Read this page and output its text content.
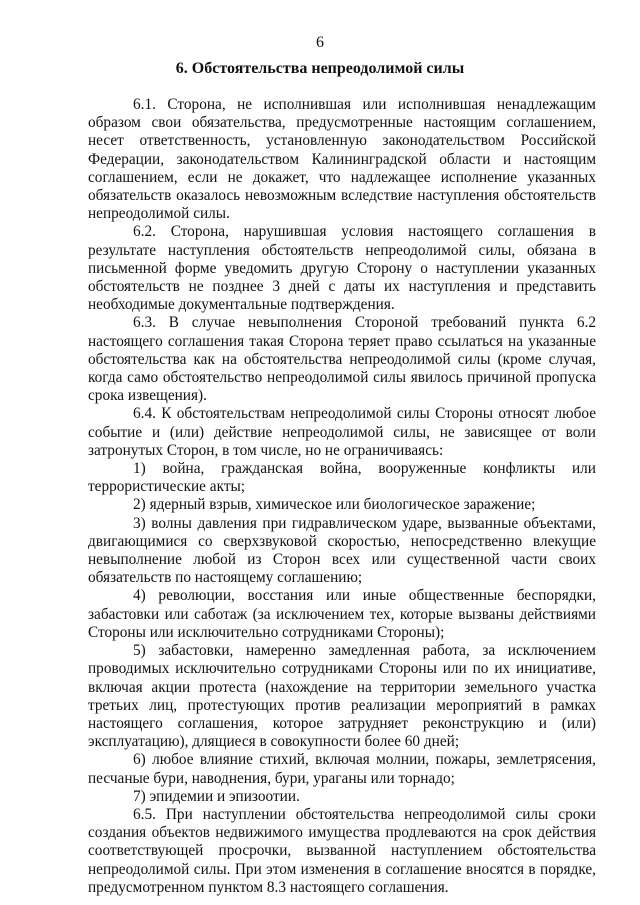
6
6. Обстоятельства непреодолимой силы

6.1. Сторона, не исполнившая или исполнившая ненадлежащим образом свои обязательства, предусмотренные настоящим соглашением, несет ответственность, установленную законодательством Российской Федерации, законодательством Калининградской области и настоящим соглашением, если не докажет, что надлежащее исполнение указанных обязательств оказалось невозможным вследствие наступления обстоятельств непреодолимой силы.

6.2. Сторона, нарушившая условия настоящего соглашения в результате наступления обстоятельств непреодолимой силы, обязана в письменной форме уведомить другую Сторону о наступлении указанных обстоятельств не позднее 3 дней с даты их наступления и представить необходимые документальные подтверждения.

6.3. В случае невыполнения Стороной требований пункта 6.2 настоящего соглашения такая Сторона теряет право ссылаться на указанные обстоятельства как на обстоятельства непреодолимой силы (кроме случая, когда само обстоятельство непреодолимой силы явилось причиной пропуска срока извещения).

6.4. К обстоятельствам непреодолимой силы Стороны относят любое событие и (или) действие непреодолимой силы, не зависящее от воли затронутых Сторон, в том числе, но не ограничиваясь:

1) война, гражданская война, вооруженные конфликты или террористические акты;

2) ядерный взрыв, химическое или биологическое заражение;

3) волны давления при гидравлическом ударе, вызванные объектами, двигающимися со сверхзвуковой скоростью, непосредственно влекущие невыполнение любой из Сторон всех или существенной части своих обязательств по настоящему соглашению;

4) революции, восстания или иные общественные беспорядки, забастовки или саботаж (за исключением тех, которые вызваны действиями Стороны или исключительно сотрудниками Стороны);

5) забастовки, намеренно замедленная работа, за исключением проводимых исключительно сотрудниками Стороны или по их инициативе, включая акции протеста (нахождение на территории земельного участка третьих лиц, протестующих против реализации мероприятий в рамках настоящего соглашения, которое затрудняет реконструкцию и (или) эксплуатацию), длящиеся в совокупности более 60 дней;

6) любое влияние стихий, включая молнии, пожары, землетрясения, песчаные бури, наводнения, бури, ураганы или торнадо;

7) эпидемии и эпизоотии.

6.5. При наступлении обстоятельства непреодолимой силы сроки создания объектов недвижимого имущества продлеваются на срок действия соответствующей просрочки, вызванной наступлением обстоятельства непреодолимой силы. При этом изменения в соглашение вносятся в порядке, предусмотренном пунктом 8.3 настоящего соглашения.
